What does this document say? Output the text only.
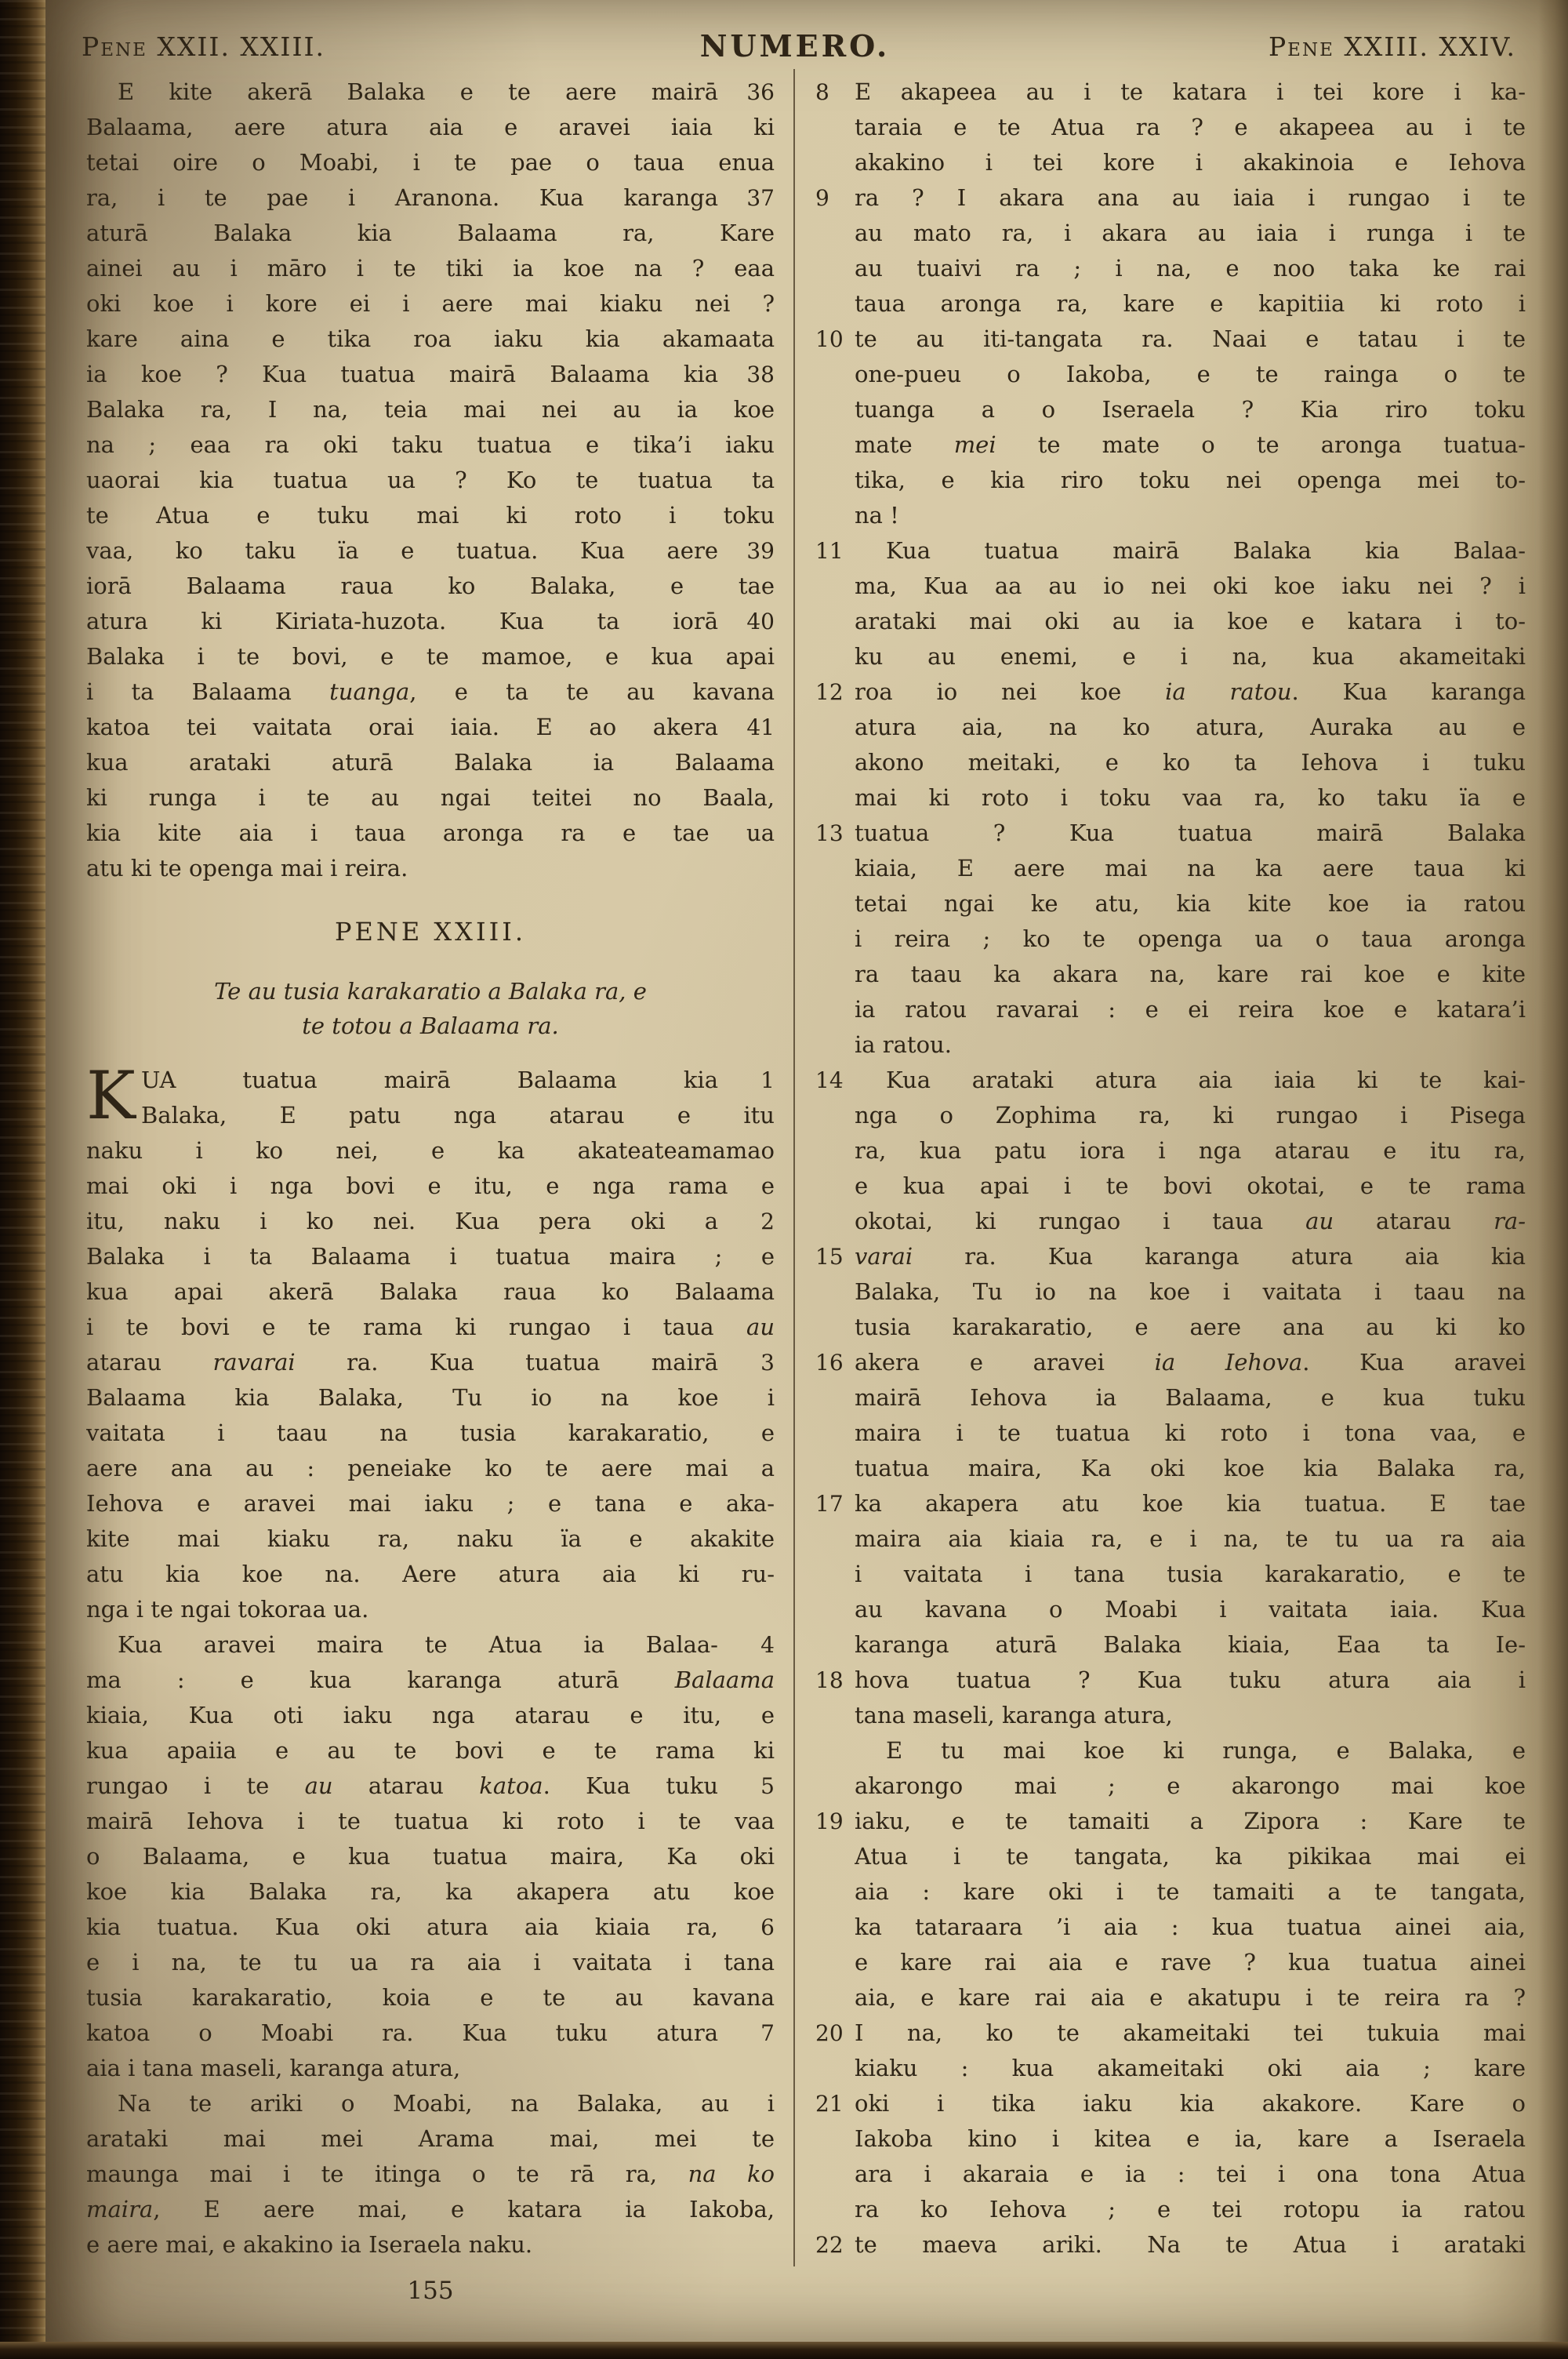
Pene XXII. XXIII.	NUMERO.	Pene XXIII. XXIV.
E kite akerā Balaka e te aere mairā	36
Balaama, aere atura aia e aravei iaia ki
tetai oire o Moabi, i te pae o taua enua
ra, i te pae i Aranona. Kua karanga	37
aturā Balaka kia Balaama ra, Kare
ainei au i māro i te tiki ia koe na ? eaa
oki koe i kore ei i aere mai kiaku nei ?
kare aina e tika roa iaku kia akamaata
ia koe ? Kua tuatua mairā Balaama kia	38
Balaka ra, I na, teia mai nei au ia koe
na ; eaa ra oki taku tuatua e tika’i iaku
uaorai kia tuatua ua ? Ko te tuatua ta
te Atua e tuku mai ki roto i toku
vaa, ko taku ïa e tuatua. Kua aere	39
iorā Balaama raua ko Balaka, e tae
atura ki Kiriata-huzota. Kua ta iorā	40
Balaka i te bovi, e te mamoe, e kua apai
i ta Balaama tuanga, e ta te au kavana
katoa tei vaitata orai iaia. E ao akera	41
kua arataki aturā Balaka ia Balaama
ki runga i te au ngai teitei no Baala,
kia kite aia i taua aronga ra e tae ua
atu ki te openga mai i reira.
PENE XXIII.
Te au tusia karakaratio a Balaka ra, e
te totou a Balaama ra.
K UA tuatua mairā Balaama kia	1
Balaka, E patu nga atarau e itu
naku i ko nei, e ka akateateamamao
mai oki i nga bovi e itu, e nga rama e
itu, naku i ko nei. Kua pera oki a	2
Balaka i ta Balaama i tuatua maira ; e
kua apai akerā Balaka raua ko Balaama
i te bovi e te rama ki rungao i taua au
atarau ravarai ra. Kua tuatua mairā	3
Balaama kia Balaka, Tu io na koe i
vaitata i taau na tusia karakaratio, e
aere ana au : peneiake ko te aere mai a
Iehova e aravei mai iaku ; e tana e aka-
kite mai kiaku ra, naku ïa e akakite
atu kia koe na. Aere atura aia ki ru-
nga i te ngai tokoraa ua.
Kua aravei maira te Atua ia Balaa-	4
ma : e kua karanga aturā Balaama
kiaia, Kua oti iaku nga atarau e itu, e
kua apaiia e au te bovi e te rama ki
rungao i te au atarau katoa. Kua tuku	5
mairā Iehova i te tuatua ki roto i te vaa
o Balaama, e kua tuatua maira, Ka oki
koe kia Balaka ra, ka akapera atu koe
kia tuatua. Kua oki atura aia kiaia ra,	6
e i na, te tu ua ra aia i vaitata i tana
tusia karakaratio, koia e te au kavana
katoa o Moabi ra. Kua tuku atura	7
aia i tana maseli, karanga atura,
Na te ariki o Moabi, na Balaka, au i
arataki mai mei Arama mai, mei te
maunga mai i te itinga o te rā ra, na ko
maira, E aere mai, e katara ia Iakoba,
e aere mai, e akakino ia Iseraela naku.
8	E akapeea au i te katara i tei kore i ka-
taraia e te Atua ra ? e akapeea au i te
akakino i tei kore i akakinoia e Iehova
9	ra ? I akara ana au iaia i rungao i te
au mato ra, i akara au iaia i runga i te
au tuaivi ra ; i na, e noo taka ke rai
taua aronga ra, kare e kapitiia ki roto i
10 te au iti-tangata ra. Naai e tatau i te
one-pueu o Iakoba, e te rainga o te
tuanga a o Iseraela ? Kia riro toku
mate mei te mate o te aronga tuatua-
tika, e kia riro toku nei openga mei to-
na !
11	Kua tuatua mairā Balaka kia Balaa-
ma, Kua aa au io nei oki koe iaku nei ? i
arataki mai oki au ia koe e katara i to-
ku au enemi, e i na, kua akameitaki
12 roa io nei koe ia ratou. Kua karanga
atura aia, na ko atura, Auraka au e
akono meitaki, e ko ta Iehova i tuku
mai ki roto i toku vaa ra, ko taku ïa e
13 tuatua ? Kua tuatua mairā Balaka
kiaia, E aere mai na ka aere taua ki
tetai ngai ke atu, kia kite koe ia ratou
i reira ; ko te openga ua o taua aronga
ra taau ka akara na, kare rai koe e kite
ia ratou ravarai : e ei reira koe e katara’i
ia ratou.
14	Kua arataki atura aia iaia ki te kai-
nga o Zophima ra, ki rungao i Pisega
ra, kua patu iora i nga atarau e itu ra,
e kua apai i te bovi okotai, e te rama
okotai, ki rungao i taua au atarau ra-
15 varai ra. Kua karanga atura aia kia
Balaka, Tu io na koe i vaitata i taau na
tusia karakaratio, e aere ana au ki ko
16 akera e aravei ia Iehova. Kua aravei
mairā Iehova ia Balaama, e kua tuku
maira i te tuatua ki roto i tona vaa, e
tuatua maira, Ka oki koe kia Balaka ra,
17 ka akapera atu koe kia tuatua. E tae
maira aia kiaia ra, e i na, te tu ua ra aia
i vaitata i tana tusia karakaratio, e te
au kavana o Moabi i vaitata iaia. Kua
karanga aturā Balaka kiaia, Eaa ta Ie-
18 hova tuatua ? Kua tuku atura aia i
tana maseli, karanga atura,
E tu mai koe ki runga, e Balaka, e
akarongo mai ; e akarongo mai koe
19 iaku, e te tamaiti a Zipora : Kare te
Atua i te tangata, ka pikikaa mai ei
aia : kare oki i te tamaiti a te tangata,
ka tataraara ’i aia : kua tuatua ainei aia,
e kare rai aia e rave ? kua tuatua ainei
aia, e kare rai aia e akatupu i te reira ra ?
20 I na, ko te akameitaki tei tukuia mai
kiaku : kua akameitaki oki aia ; kare
21 oki i tika iaku kia akakore. Kare o
Iakoba kino i kitea e ia, kare a Iseraela
ara i akaraia e ia : tei i ona tona Atua
ra ko Iehova ; e tei rotopu ia ratou
22 te maeva ariki. Na te Atua i arataki
155
